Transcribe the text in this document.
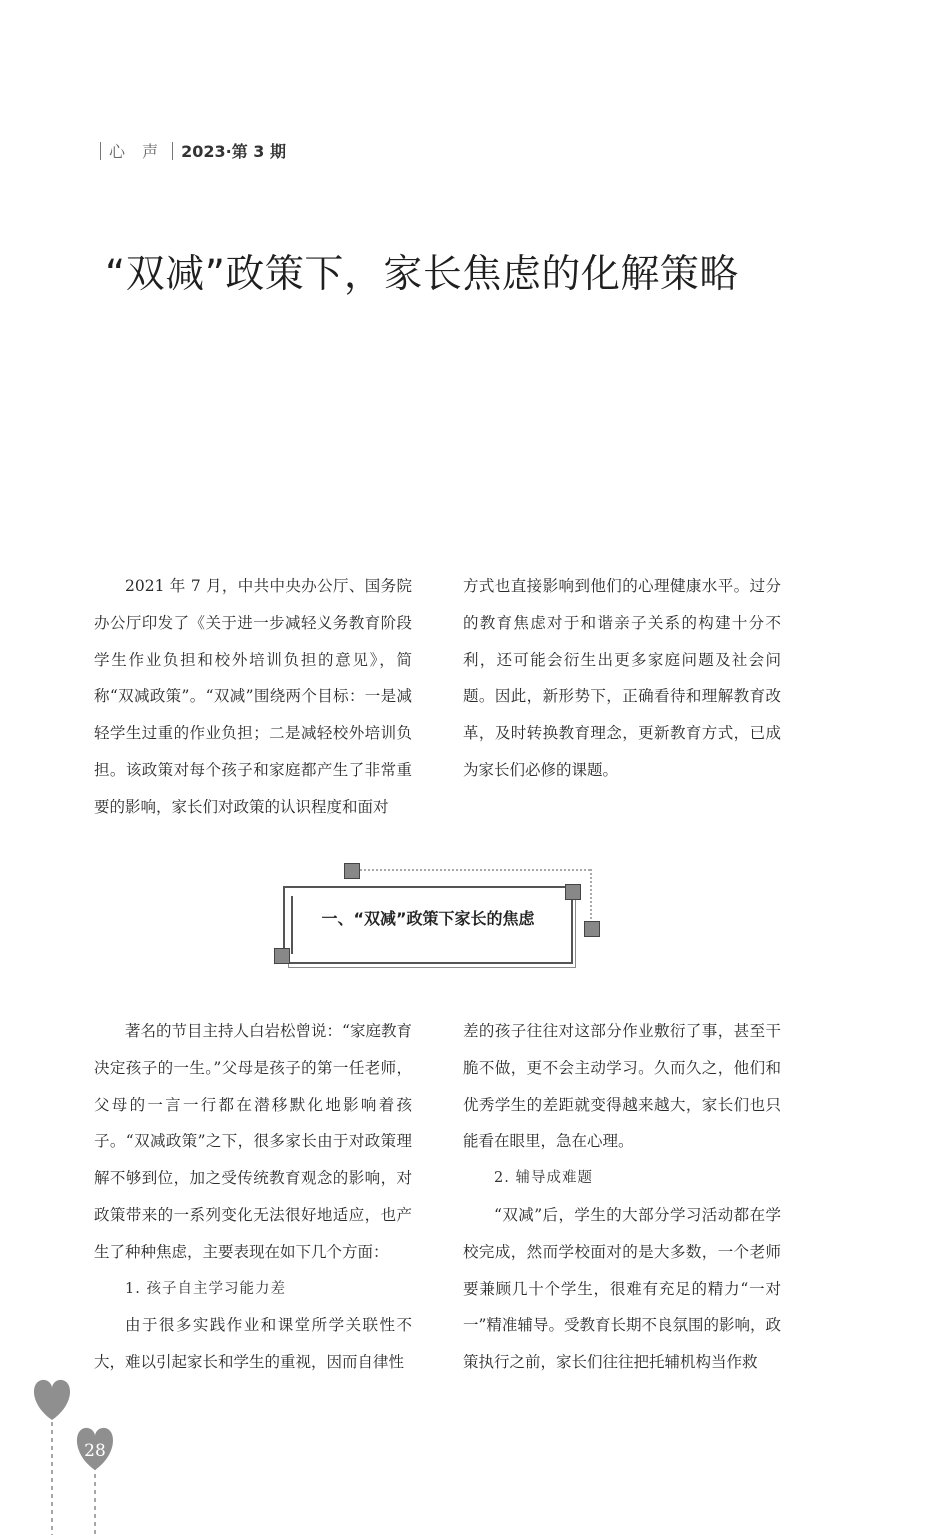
心 声 2023·第 3 期
“双减”政策下，家长焦虑的化解策略

2021 年 7 月，中共中央办公厅、国务院办公厅印发了《关于进一步减轻义务教育阶段学生作业负担和校外培训负担的意见》，简称“双减政策”。“双减”围绕两个目标：一是减轻学生过重的作业负担；二是减轻校外培训负担。该政策对每个孩子和家庭都产生了非常重要的影响，家长们对政策的认识程度和面对

方式也直接影响到他们的心理健康水平。过分的教育焦虑对于和谐亲子关系的构建十分不利，还可能会衍生出更多家庭问题及社会问题。因此，新形势下，正确看待和理解教育改革，及时转换教育理念，更新教育方式，已成为家长们必修的课题。

一、“双减”政策下家长的焦虑

著名的节目主持人白岩松曾说：“家庭教育决定孩子的一生。”父母是孩子的第一任老师，父母的一言一行都在潜移默化地影响着孩子。“双减政策”之下，很多家长由于对政策理解不够到位，加之受传统教育观念的影响，对政策带来的一系列变化无法很好地适应，也产生了种种焦虑，主要表现在如下几个方面：

1. 孩子自主学习能力差

由于很多实践作业和课堂所学关联性不大，难以引起家长和学生的重视，因而自律性

差的孩子往往对这部分作业敷衍了事，甚至干脆不做，更不会主动学习。久而久之，他们和优秀学生的差距就变得越来越大，家长们也只能看在眼里，急在心理。

2. 辅导成难题

“双减”后，学生的大部分学习活动都在学校完成，然而学校面对的是大多数，一个老师要兼顾几十个学生，很难有充足的精力“一对一”精准辅导。受教育长期不良氛围的影响，政策执行之前，家长们往往把托辅机构当作救

28
